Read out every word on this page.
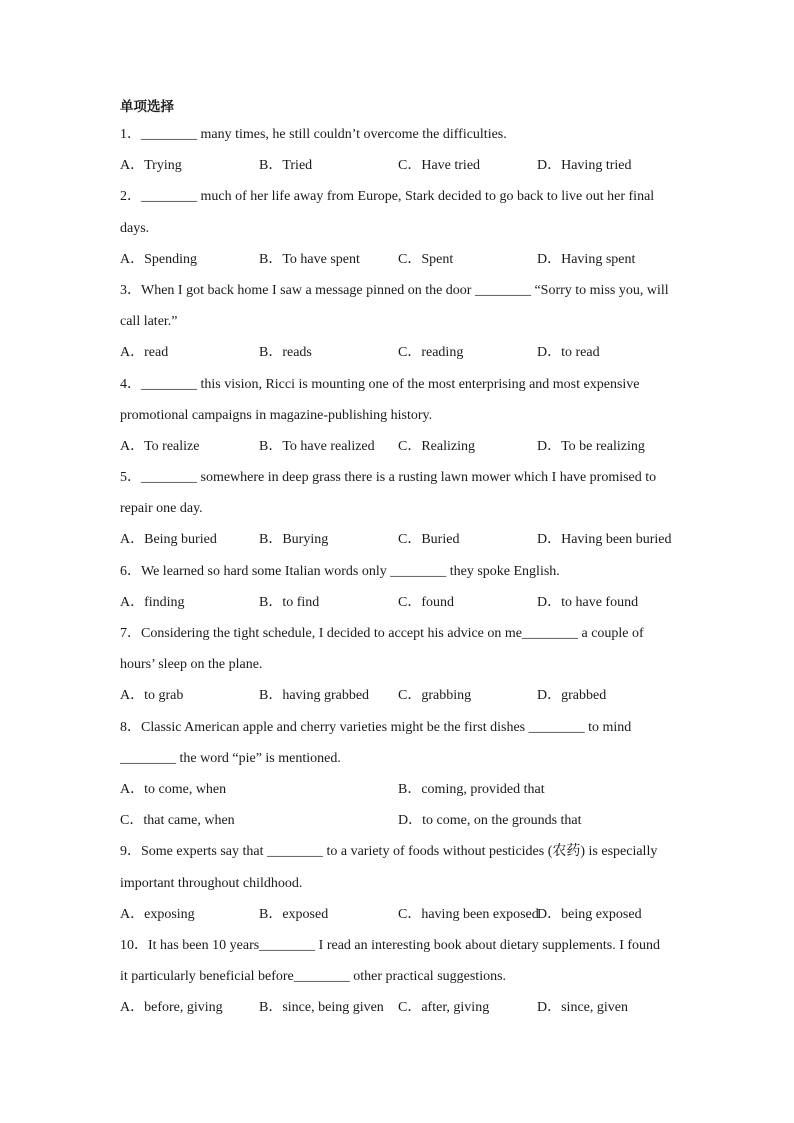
单项选择
1．________ many times, he still couldn’t overcome the difficulties.
A．Trying	B．Tried	C．Have tried	D．Having tried
2．________ much of her life away from Europe, Stark decided to go back to live out her final
days.
A．Spending	B．To have spent	C．Spent	D．Having spent
3．When I got back home I saw a message pinned on the door ________ “Sorry to miss you, will
call later.”
A．read	B．reads	C．reading	D．to read
4．________ this vision, Ricci is mounting one of the most enterprising and most expensive
promotional campaigns in magazine-publishing history.
A．To realize	B．To have realized	C．Realizing	D．To be realizing
5．________ somewhere in deep grass there is a rusting lawn mower which I have promised to
repair one day.
A．Being buried	B．Burying	C．Buried	D．Having been buried
6．We learned so hard some Italian words only ________ they spoke English.
A．finding	B．to find	C．found	D．to have found
7．Considering the tight schedule, I decided to accept his advice on me________ a couple of
hours’ sleep on the plane.
A．to grab	B．having grabbed	C．grabbing	D．grabbed
8．Classic American apple and cherry varieties might be the first dishes ________ to mind
________ the word “pie” is mentioned.
A．to come, when	B．coming, provided that
C．that came, when	D．to come, on the grounds that
9．Some experts say that ________ to a variety of foods without pesticides (农药) is especially
important throughout childhood.
A．exposing	B．exposed	C．having been exposed
D．being exposed
10．It has been 10 years________ I read an interesting book about dietary supplements. I found
it particularly beneficial before________ other practical suggestions.
A．before, giving	B．since, being given	C．after, giving	D．since, given
